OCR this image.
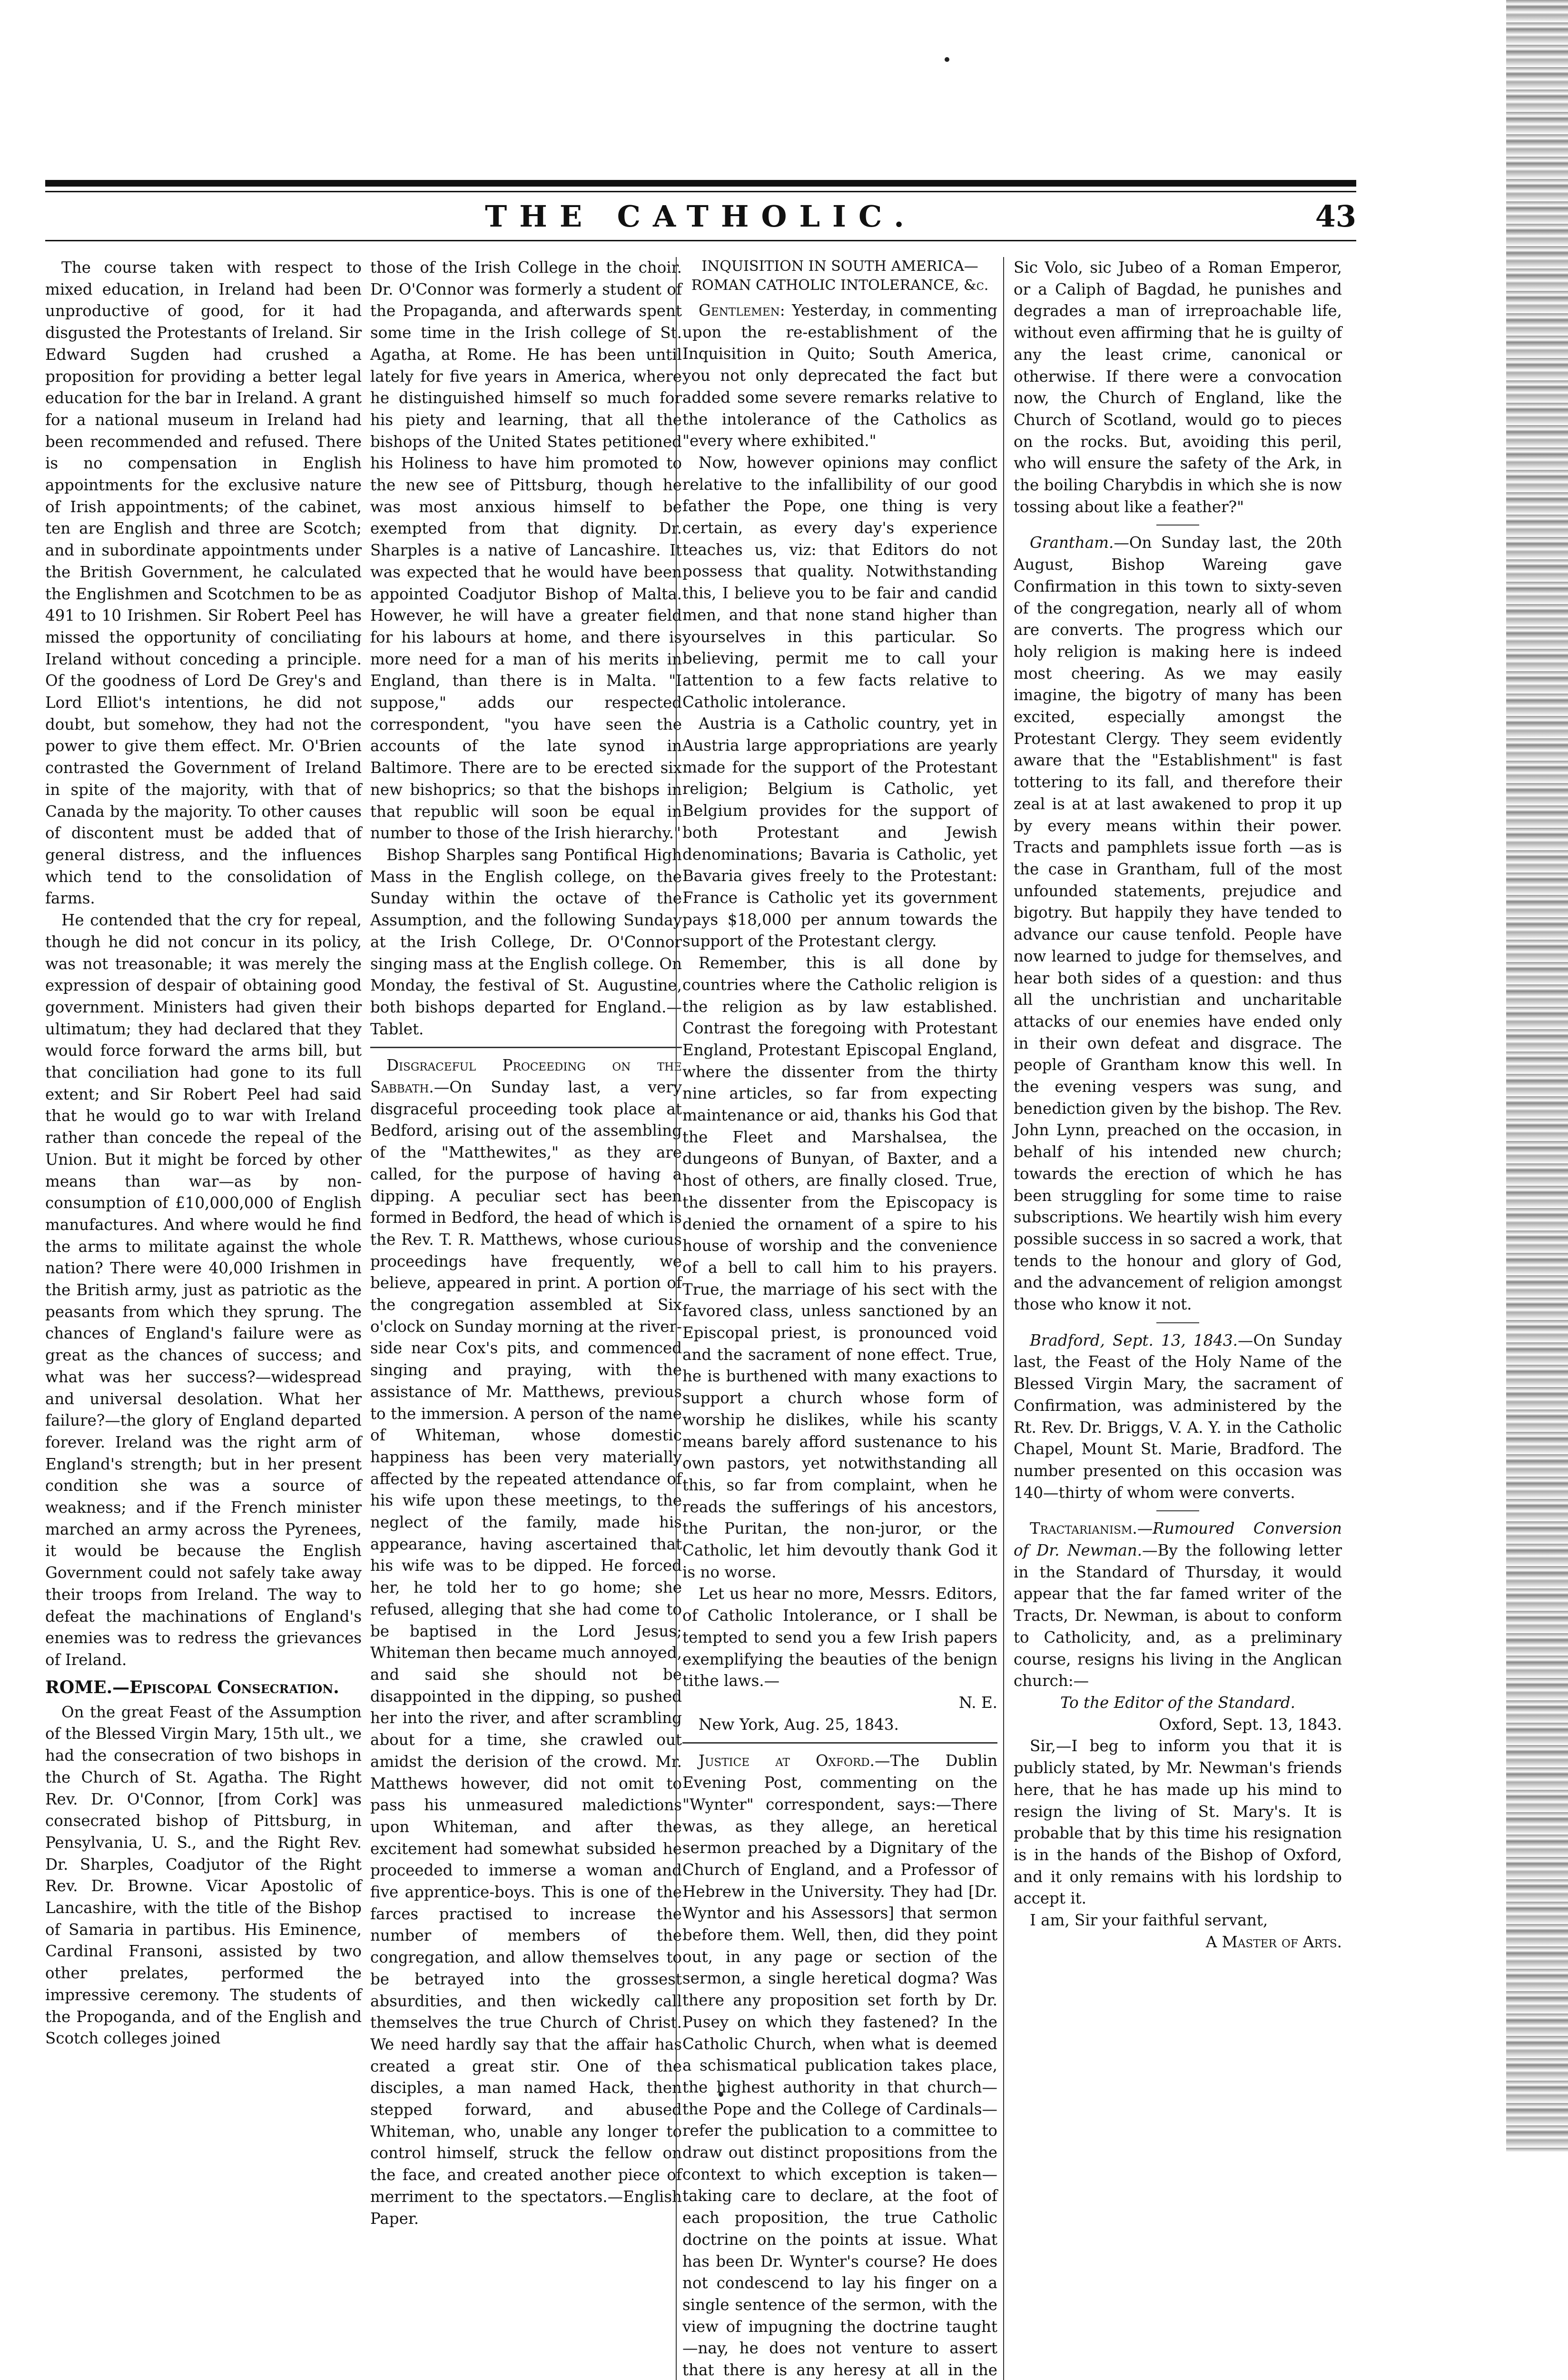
THE CATHOLIC.	43

The course taken with respect to mixed education, in Ireland had been unproductive of good, for it had disgusted the Protestants of Ireland. Sir Edward Sugden had crushed a proposition for providing a better legal education for the bar in Ireland. A grant for a national museum in Ireland had been recommended and refused. There is no compensation in English appointments for the exclusive nature of Irish appointments; of the cabinet, ten are English and three are Scotch; and in subordinate appointments under the British Government, he calculated the Englishmen and Scotchmen to be as 491 to 10 Irishmen. Sir Robert Peel has missed the opportunity of conciliating Ireland without conceding a principle. Of the goodness of Lord De Grey's and Lord Elliot's intentions, he did not doubt, but somehow, they had not the power to give them effect. Mr. O'Brien contrasted the Government of Ireland in spite of the majority, with that of Canada by the majority. To other causes of discontent must be added that of general distress, and the influences which tend to the consolidation of farms.

He contended that the cry for repeal, though he did not concur in its policy, was not treasonable; it was merely the expression of despair of obtaining good government. Ministers had given their ultimatum; they had declared that they would force forward the arms bill, but that conciliation had gone to its full extent; and Sir Robert Peel had said that he would go to war with Ireland rather than concede the repeal of the Union. But it might be forced by other means than war—as by non-consumption of £10,000,000 of English manufactures. And where would he find the arms to militate against the whole nation? There were 40,000 Irishmen in the British army, just as patriotic as the peasants from which they sprung. The chances of England's failure were as great as the chances of success; and what was her success?—widespread and universal desolation. What her failure?—the glory of England departed forever. Ireland was the right arm of England's strength; but in her present condition she was a source of weakness; and if the French minister marched an army across the Pyrenees, it would be because the English Government could not safely take away their troops from Ireland. The way to defeat the machinations of England's enemies was to redress the grievances of Ireland.

ROME.—Episcopal Consecration.

On the great Feast of the Assumption of the Blessed Virgin Mary, 15th ult., we had the consecration of two bishops in the Church of St. Agatha. The Right Rev. Dr. O'Connor, [from Cork] was consecrated bishop of Pittsburg, in Pensylvania, U. S., and the Right Rev. Dr. Sharples, Coadjutor of the Right Rev. Dr. Browne. Vicar Apostolic of Lancashire, with the title of the Bishop of Samaria in partibus. His Eminence, Cardinal Fransoni, assisted by two other prelates, performed the impressive ceremony. The students of the Propoganda, and of the English and Scotch colleges joined

those of the Irish College in the choir. Dr. O'Connor was formerly a student of the Propaganda, and afterwards spent some time in the Irish college of St. Agatha, at Rome. He has been until lately for five years in America, where he distinguished himself so much for his piety and learning, that all the bishops of the United States petitioned his Holiness to have him promoted to the new see of Pittsburg, though he was most anxious himself to be exempted from that dignity. Dr. Sharples is a native of Lancashire. It was expected that he would have been appointed Coadjutor Bishop of Malta. However, he will have a greater field for his labours at home, and there is more need for a man of his merits in England, than there is in Malta. "I suppose," adds our respected correspondent, "you have seen the accounts of the late synod in Baltimore. There are to be erected six new bishoprics; so that the bishops in that republic will soon be equal in number to those of the Irish hierarchy."

Bishop Sharples sang Pontifical High Mass in the English college, on the Sunday within the octave of the Assumption, and the following Sunday at the Irish College, Dr. O'Connor singing mass at the English college. On Monday, the festival of St. Augustine, both bishops departed for England.—Tablet.

Disgraceful Proceeding on the Sabbath.—On Sunday last, a very disgraceful proceeding took place at Bedford, arising out of the assembling of the "Matthewites," as they are called, for the purpose of having a dipping. A peculiar sect has been formed in Bedford, the head of which is the Rev. T. R. Matthews, whose curious proceedings have frequently, we believe, appeared in print. A portion of the congregation assembled at Six o'clock on Sunday morning at the river-side near Cox's pits, and commenced singing and praying, with the assistance of Mr. Matthews, previous to the immersion. A person of the name of Whiteman, whose domestic happiness has been very materially affected by the repeated attendance of his wife upon these meetings, to the neglect of the family, made his appearance, having ascertained that his wife was to be dipped. He forced her, he told her to go home; she refused, alleging that she had come to be baptised in the Lord Jesus; Whiteman then became much annoyed, and said she should not be disappointed in the dipping, so pushed her into the river, and after scrambling about for a time, she crawled out amidst the derision of the crowd. Mr. Matthews however, did not omit to pass his unmeasured maledictions upon Whiteman, and after the excitement had somewhat subsided he proceeded to immerse a woman and five apprentice-boys. This is one of the farces practised to increase the number of members of the congregation, and allow themselves to be betrayed into the grossest absurdities, and then wickedly call themselves the true Church of Christ. We need hardly say that the affair has created a great stir. One of the disciples, a man named Hack, then stepped forward, and abused Whiteman, who, unable any longer to control himself, struck the fellow on the face, and created another piece of merriment to the spectators.—English Paper.

INQUISITION IN SOUTH AMERICA—ROMAN CATHOLIC INTOLERANCE, &c.

Gentlemen: Yesterday, in commenting upon the re-establishment of the Inquisition in Quito; South America, you not only deprecated the fact but added some severe remarks relative to the intolerance of the Catholics as "every where exhibited."

Now, however opinions may conflict relative to the infallibility of our good father the Pope, one thing is very certain, as every day's experience teaches us, viz: that Editors do not possess that quality. Notwithstanding this, I believe you to be fair and candid men, and that none stand higher than yourselves in this particular. So believing, permit me to call your attention to a few facts relative to Catholic intolerance.

Austria is a Catholic country, yet in Austria large appropriations are yearly made for the support of the Protestant religion; Belgium is Catholic, yet Belgium provides for the support of both Protestant and Jewish denominations; Bavaria is Catholic, yet Bavaria gives freely to the Protestant: France is Catholic yet its government pays $18,000 per annum towards the support of the Protestant clergy.

Remember, this is all done by countries where the Catholic religion is the religion as by law established. Contrast the foregoing with Protestant England, Protestant Episcopal England, where the dissenter from the thirty nine articles, so far from expecting maintenance or aid, thanks his God that the Fleet and Marshalsea, the dungeons of Bunyan, of Baxter, and a host of others, are finally closed. True, the dissenter from the Episcopacy is denied the ornament of a spire to his house of worship and the convenience of a bell to call him to his prayers. True, the marriage of his sect with the favored class, unless sanctioned by an Episcopal priest, is pronounced void and the sacrament of none effect. True, he is burthened with many exactions to support a church whose form of worship he dislikes, while his scanty means barely afford sustenance to his own pastors, yet notwithstanding all this, so far from complaint, when he reads the sufferings of his ancestors, the Puritan, the non-juror, or the Catholic, let him devoutly thank God it is no worse.

Let us hear no more, Messrs. Editors, of Catholic Intolerance, or I shall be tempted to send you a few Irish papers exemplifying the beauties of the benign tithe laws.—

N. E.

New York, Aug. 25, 1843.

Justice at Oxford.—The Dublin Evening Post, commenting on the "Wynter" correspondent, says:—There was, as they allege, an heretical sermon preached by a Dignitary of the Church of England, and a Professor of Hebrew in the University. They had [Dr. Wyntor and his Assessors] that sermon before them. Well, then, did they point out, in any page or section of the sermon, a single heretical dogma? Was there any proposition set forth by Dr. Pusey on which they fastened? In the Catholic Church, when what is deemed a schismatical publication takes place, the highest authority in that church—the Pope and the College of Cardinals—refer the publication to a committee to draw out distinct propositions from the context to which exception is taken—taking care to declare, at the foot of each proposition, the true Catholic doctrine on the points at issue. What has been Dr. Wynter's course? He does not condescend to lay his finger on a single sentence of the sermon, with the view of impugning the doctrine taught—nay, he does not venture to assert that there is any heresy at all in the

Sic Volo, sic Jubeo of a Roman Emperor, or a Caliph of Bagdad, he punishes and degrades a man of irreproachable life, without even affirming that he is guilty of any the least crime, canonical or otherwise. If there were a convocation now, the Church of England, like the Church of Scotland, would go to pieces on the rocks. But, avoiding this peril, who will ensure the safety of the Ark, in the boiling Charybdis in which she is now tossing about like a feather?"

Grantham.—On Sunday last, the 20th August, Bishop Wareing gave Confirmation in this town to sixty-seven of the congregation, nearly all of whom are converts. The progress which our holy religion is making here is indeed most cheering. As we may easily imagine, the bigotry of many has been excited, especially amongst the Protestant Clergy. They seem evidently aware that the "Establishment" is fast tottering to its fall, and therefore their zeal is at at last awakened to prop it up by every means within their power. Tracts and pamphlets issue forth —as is the case in Grantham, full of the most unfounded statements, prejudice and bigotry. But happily they have tended to advance our cause tenfold. People have now learned to judge for themselves, and hear both sides of a question: and thus all the unchristian and uncharitable attacks of our enemies have ended only in their own defeat and disgrace. The people of Grantham know this well. In the evening vespers was sung, and benediction given by the bishop. The Rev. John Lynn, preached on the occasion, in behalf of his intended new church; towards the erection of which he has been struggling for some time to raise subscriptions. We heartily wish him every possible success in so sacred a work, that tends to the honour and glory of God, and the advancement of religion amongst those who know it not.

Bradford, Sept. 13, 1843.—On Sunday last, the Feast of the Holy Name of the Blessed Virgin Mary, the sacrament of Confirmation, was administered by the Rt. Rev. Dr. Briggs, V. A. Y. in the Catholic Chapel, Mount St. Marie, Bradford. The number presented on this occasion was 140—thirty of whom were converts.

Tractarianism.—Rumoured Conversion of Dr. Newman.—By the following letter in the Standard of Thursday, it would appear that the far famed writer of the Tracts, Dr. Newman, is about to conform to Catholicity, and, as a preliminary course, resigns his living in the Anglican church:—

To the Editor of the Standard.

Oxford, Sept. 13, 1843.

Sir,—I beg to inform you that it is publicly stated, by Mr. Newman's friends here, that he has made up his mind to resign the living of St. Mary's. It is probable that by this time his resignation is in the hands of the Bishop of Oxford, and it only remains with his lordship to accept it.

I am, Sir your faithful servant,

A Master of Arts.
